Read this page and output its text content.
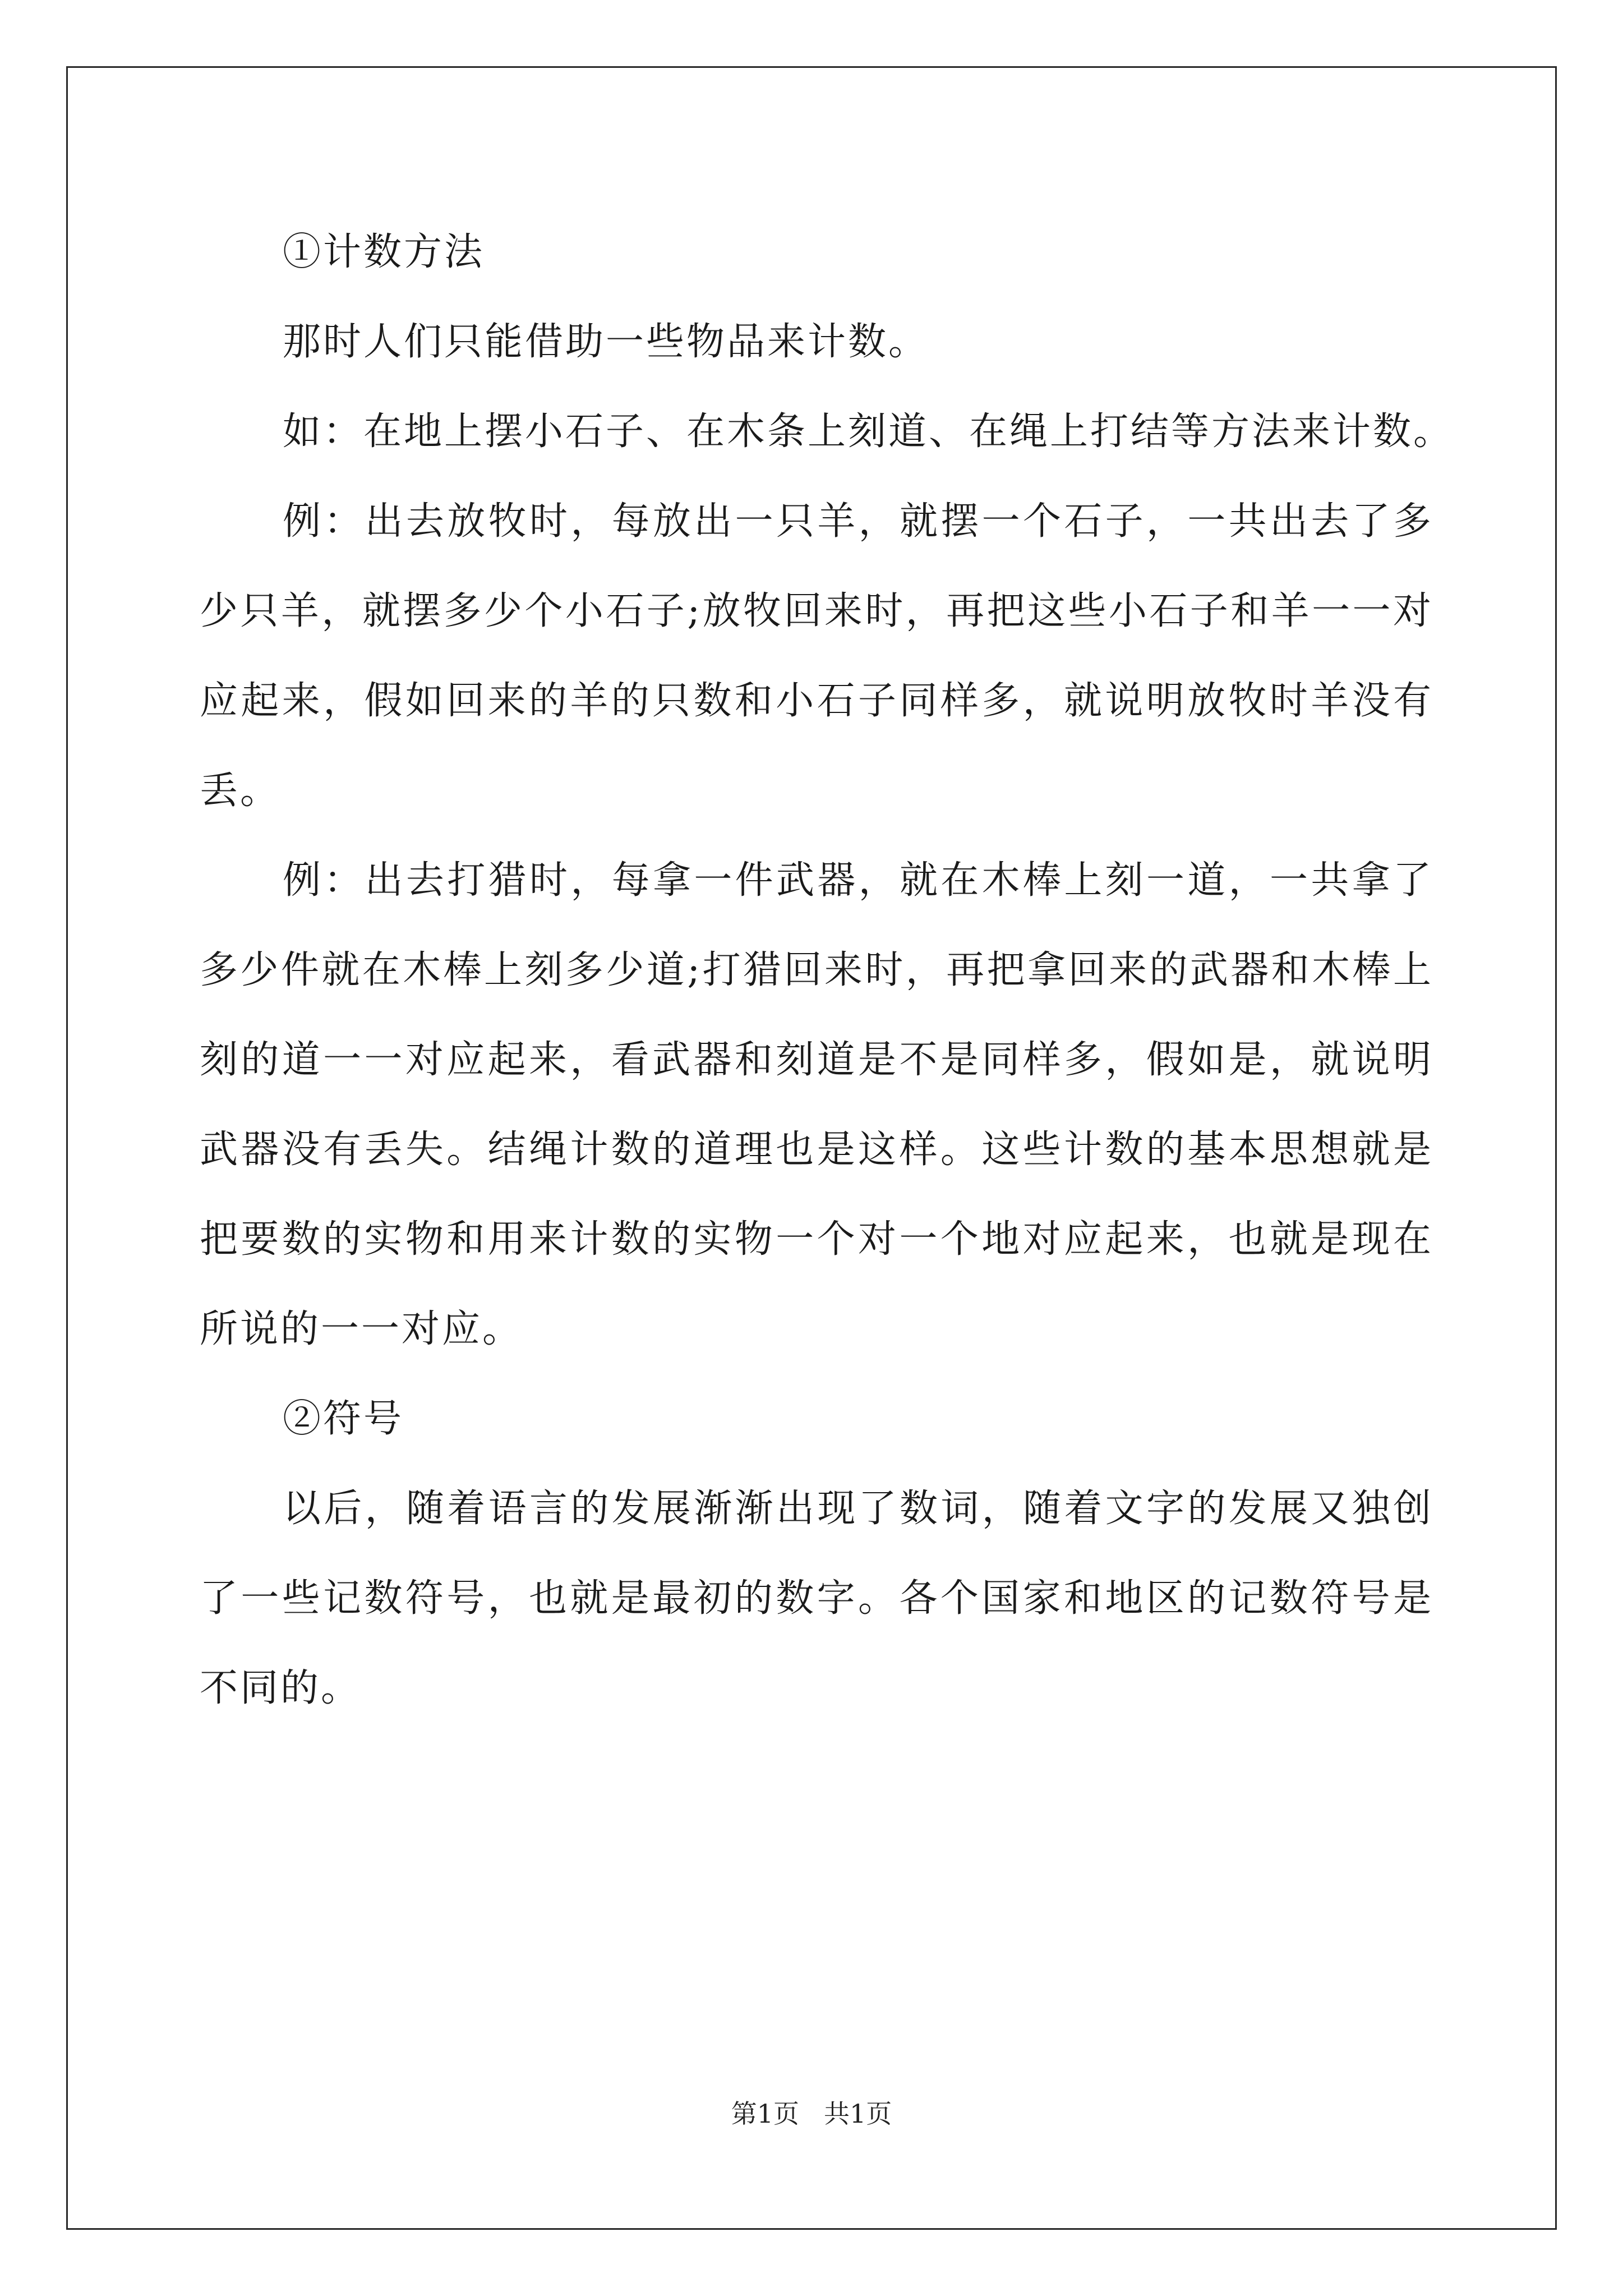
①计数方法
那时人们只能借助一些物品来计数。
如：在地上摆小石子、在木条上刻道、在绳上打结等方法来计数。
例：出去放牧时，每放出一只羊，就摆一个石子，一共出去了多
少只羊，就摆多少个小石子;放牧回来时，再把这些小石子和羊一一对
应起来，假如回来的羊的只数和小石子同样多，就说明放牧时羊没有
丢。
例：出去打猎时，每拿一件武器，就在木棒上刻一道，一共拿了
多少件就在木棒上刻多少道;打猎回来时，再把拿回来的武器和木棒上
刻的道一一对应起来，看武器和刻道是不是同样多，假如是，就说明
武器没有丢失。结绳计数的道理也是这样。这些计数的基本思想就是
把要数的实物和用来计数的实物一个对一个地对应起来，也就是现在
所说的一一对应。
②符号
以后，随着语言的发展渐渐出现了数词，随着文字的发展又独创
了一些记数符号，也就是最初的数字。各个国家和地区的记数符号是
不同的。
第1页 共1页
